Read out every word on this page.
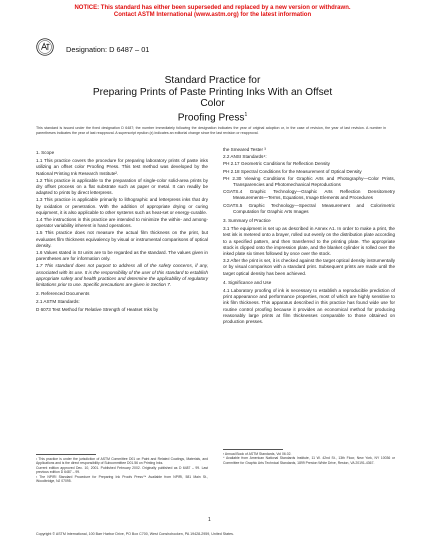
NOTICE: This standard has either been superseded and replaced by a new version or withdrawn.
Contact ASTM International (www.astm.org) for the latest information
Designation: D 6487 – 01
Standard Practice for
Preparing Prints of Paste Printing Inks With an Offset Color
Proofing Press$^1$
This standard is issued under the fixed designation D 6487; the number immediately following the designation indicates the year of original adoption or, in the case of revision, the year of last revision. A number in parentheses indicates the year of last reapproval. A superscript epsilon (ε) indicates an editorial change since the last revision or reapproval.

1. Scope

1.1 This practice covers the procedure for preparing laboratory prints of paste inks utilizing an offset color Proofing Press. This test method was developed by the National Printing Ink Research Institute².

1.2 This practice is applicable to the preparation of single-color solid-area prints by dry offset process on a flat substrate such as paper or metal. It can readily be adapted to prints by direct letterpress.

1.3 This practice is applicable primarily to lithographic and letterpress inks that dry by oxidation or penetration. With the addition of appropriate drying or curing equipment, it is also applicable to other systems such as heat-set or energy-curable.

1.4 The instructions in this practice are intended to minimize the within- and among-operator variability inherent in hand operations.

1.5 This practice does not measure the actual film thickness on the print, but evaluates film thickness equivalency by visual or instrumental comparisons of optical density.

1.6 Values stated in SI units are to be regarded as the standard. The values given in parentheses are for information only.

1.7 This standard does not purport to address all of the safety concerns, if any, associated with its use. It is the responsibility of the user of this standard to establish appropriate safety and health practices and determine the applicability of regulatory limitations prior to use. Specific precautions are given in Section 7.

2. Referenced Documents

2.1 ASTM Standards:

D 6073 Test Method for Relative Strength of Heatset Inks by

the Smeared Tester ³

2.2 ANSI Standards⁴:

PH 2.17 Geometric Conditions for Reflection Density

PH 2.18 Spectral Conditions for the Measurement of Optical Density

PH 2.30 Viewing Conditions for Graphic Arts and Photography—Color Prints, Transparencies and Photomechanical Reproductions

CGATS.4 Graphic Technology—Graphic Arts Reflection Densitometry Measurements—Terms, Equations, Image Elements and Procedures

CGATS.5 Graphic Technology—Spectral Measurement and Colorimetric Computation for Graphic Arts Images

3. Summary of Practice

3.1 The equipment is set up as described in Annex A1. In order to make a print, the test ink is metered onto a brayer, rolled out evenly on the distribution plate according to a specified pattern, and then transferred to the printing plate. The appropriate stock is clipped onto the impression plate, and the blanket cylinder is rolled over the inked plate six times followed by once over the stock.

3.2 After the print is set, it is checked against the target optical density instrumentally or by visual comparison with a standard print. Subsequent prints are made until the target optical density has been achieved.

4. Significance and Use

4.1 Laboratory proofing of ink is necessary to establish a reproducible prediction of print appearance and performance properties, most of which are highly sensitive to ink film thickness. This apparatus described in this practice has found wide use for routine control proofing because it provides an economical method for producing reasonably large prints at film thicknesses comparable to those obtained on production presses.

¹ This practice is under the jurisdiction of ASTM Committee D01 on Paint and Related Coatings, Materials, and Applications and is the direct responsibility of Subcommittee D01.56 on Printing Inks.

Current edition approved Dec. 10, 2001. Published February 2002. Originally published as D 6487 – 99. Last previous edition D 6487 – 99.

² The NPIRI Standard Procedure for Preparing Ink Proofs Press™ Available from NPIRI, 581 Main St., Woodbridge, NJ 07095.

³ Annual Book of ASTM Standards, Vol 06.02.

⁴ Available from American National Standards Institute, 11 W. 42nd St., 13th Floor, New York, NY 10036 or Committee for Graphic Arts Technical Standards, 1899 Preston White Drive, Reston, VA 20191-4367.

1
Copyright © ASTM International, 100 Barr Harbor Drive, PO Box C700, West Conshohocken, PA 19428-2959, United States.
